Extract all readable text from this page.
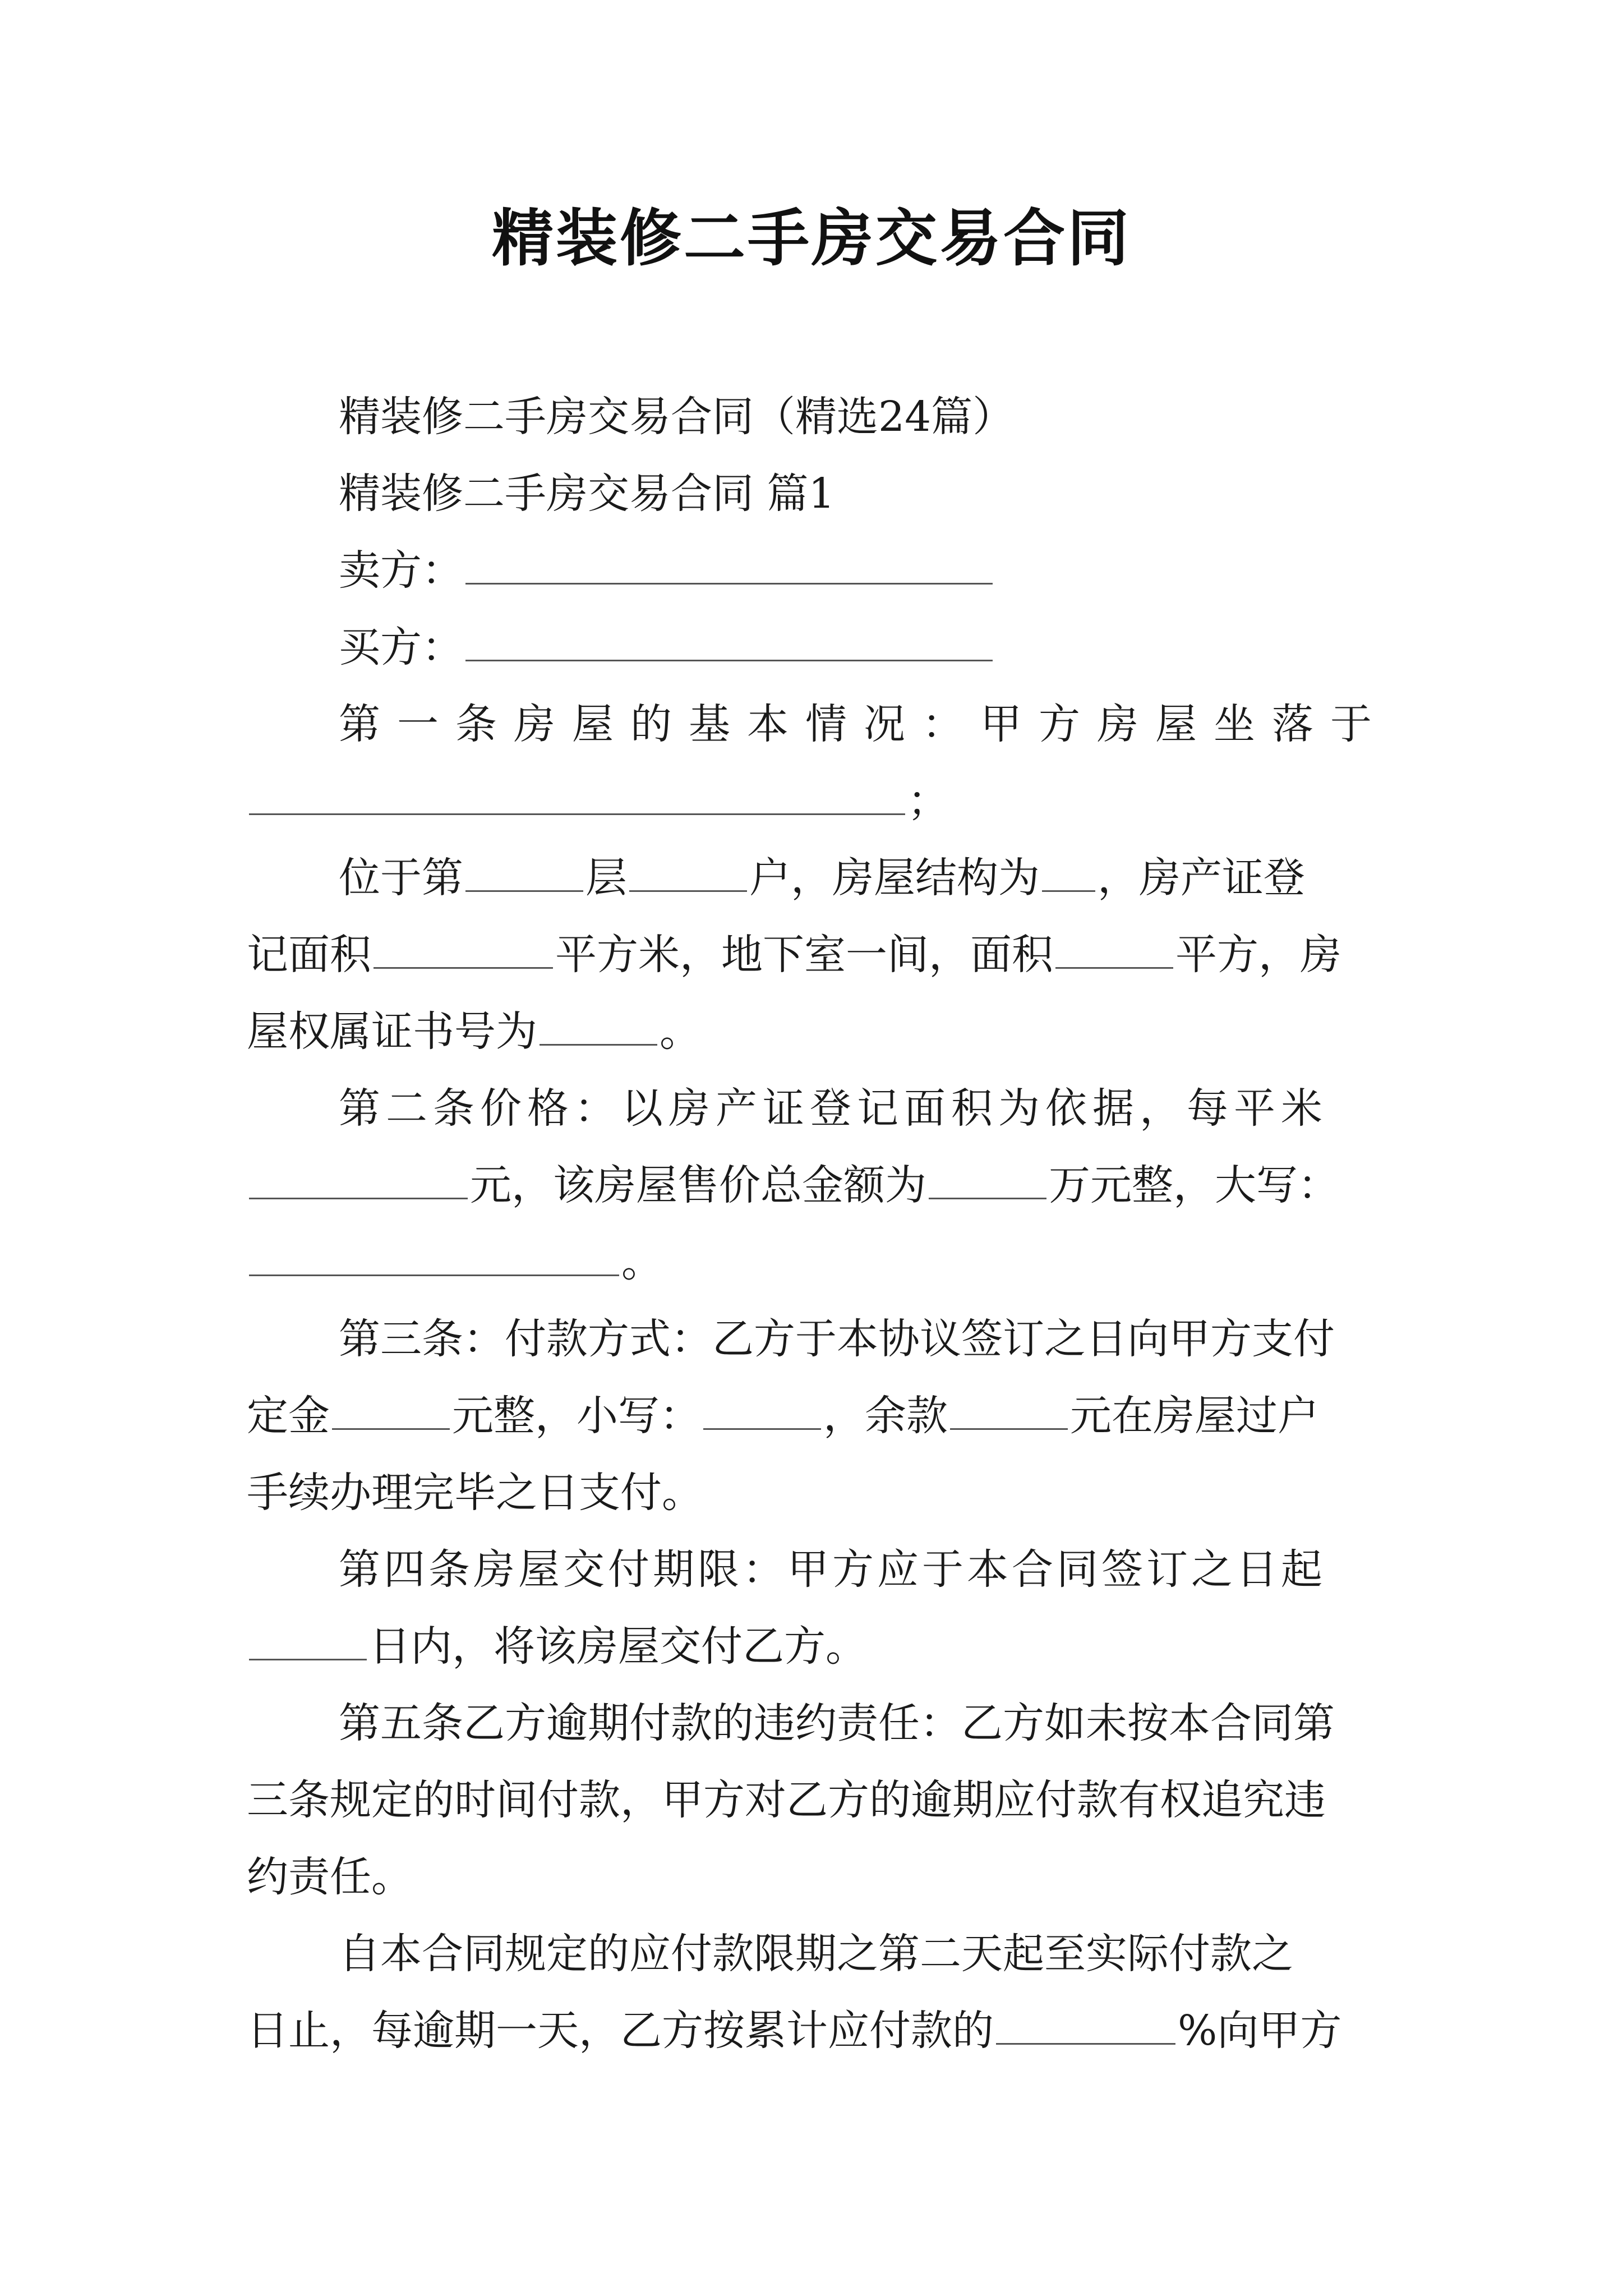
精装修二手房交易合同
精装修二手房交易合同（精选24篇）
精装修二手房交易合同 篇1
卖方：
买方：
第一条房屋的基本情况：甲方房屋坐落于
；
位于第	层	户，房屋结构为 ，房产证登
记面积	平方米，地下室一间，面积	平方，房
屋权属证书号为	。
第二条价格：以房产证登记面积为依据，每平米
元，该房屋售价总金额为	万元整，大写：
。
第三条：付款方式：乙方于本协议签订之日向甲方支付
定金	元整，小写：	，余款	元在房屋过户
手续办理完毕之日支付。
第四条房屋交付期限：甲方应于本合同签订之日起
日内，将该房屋交付乙方。
第五条乙方逾期付款的违约责任：乙方如未按本合同第
三条规定的时间付款，甲方对乙方的逾期应付款有权追究违
约责任。
自本合同规定的应付款限期之第二天起至实际付款之
日止，每逾期一天，乙方按累计应付款的	%向甲方
